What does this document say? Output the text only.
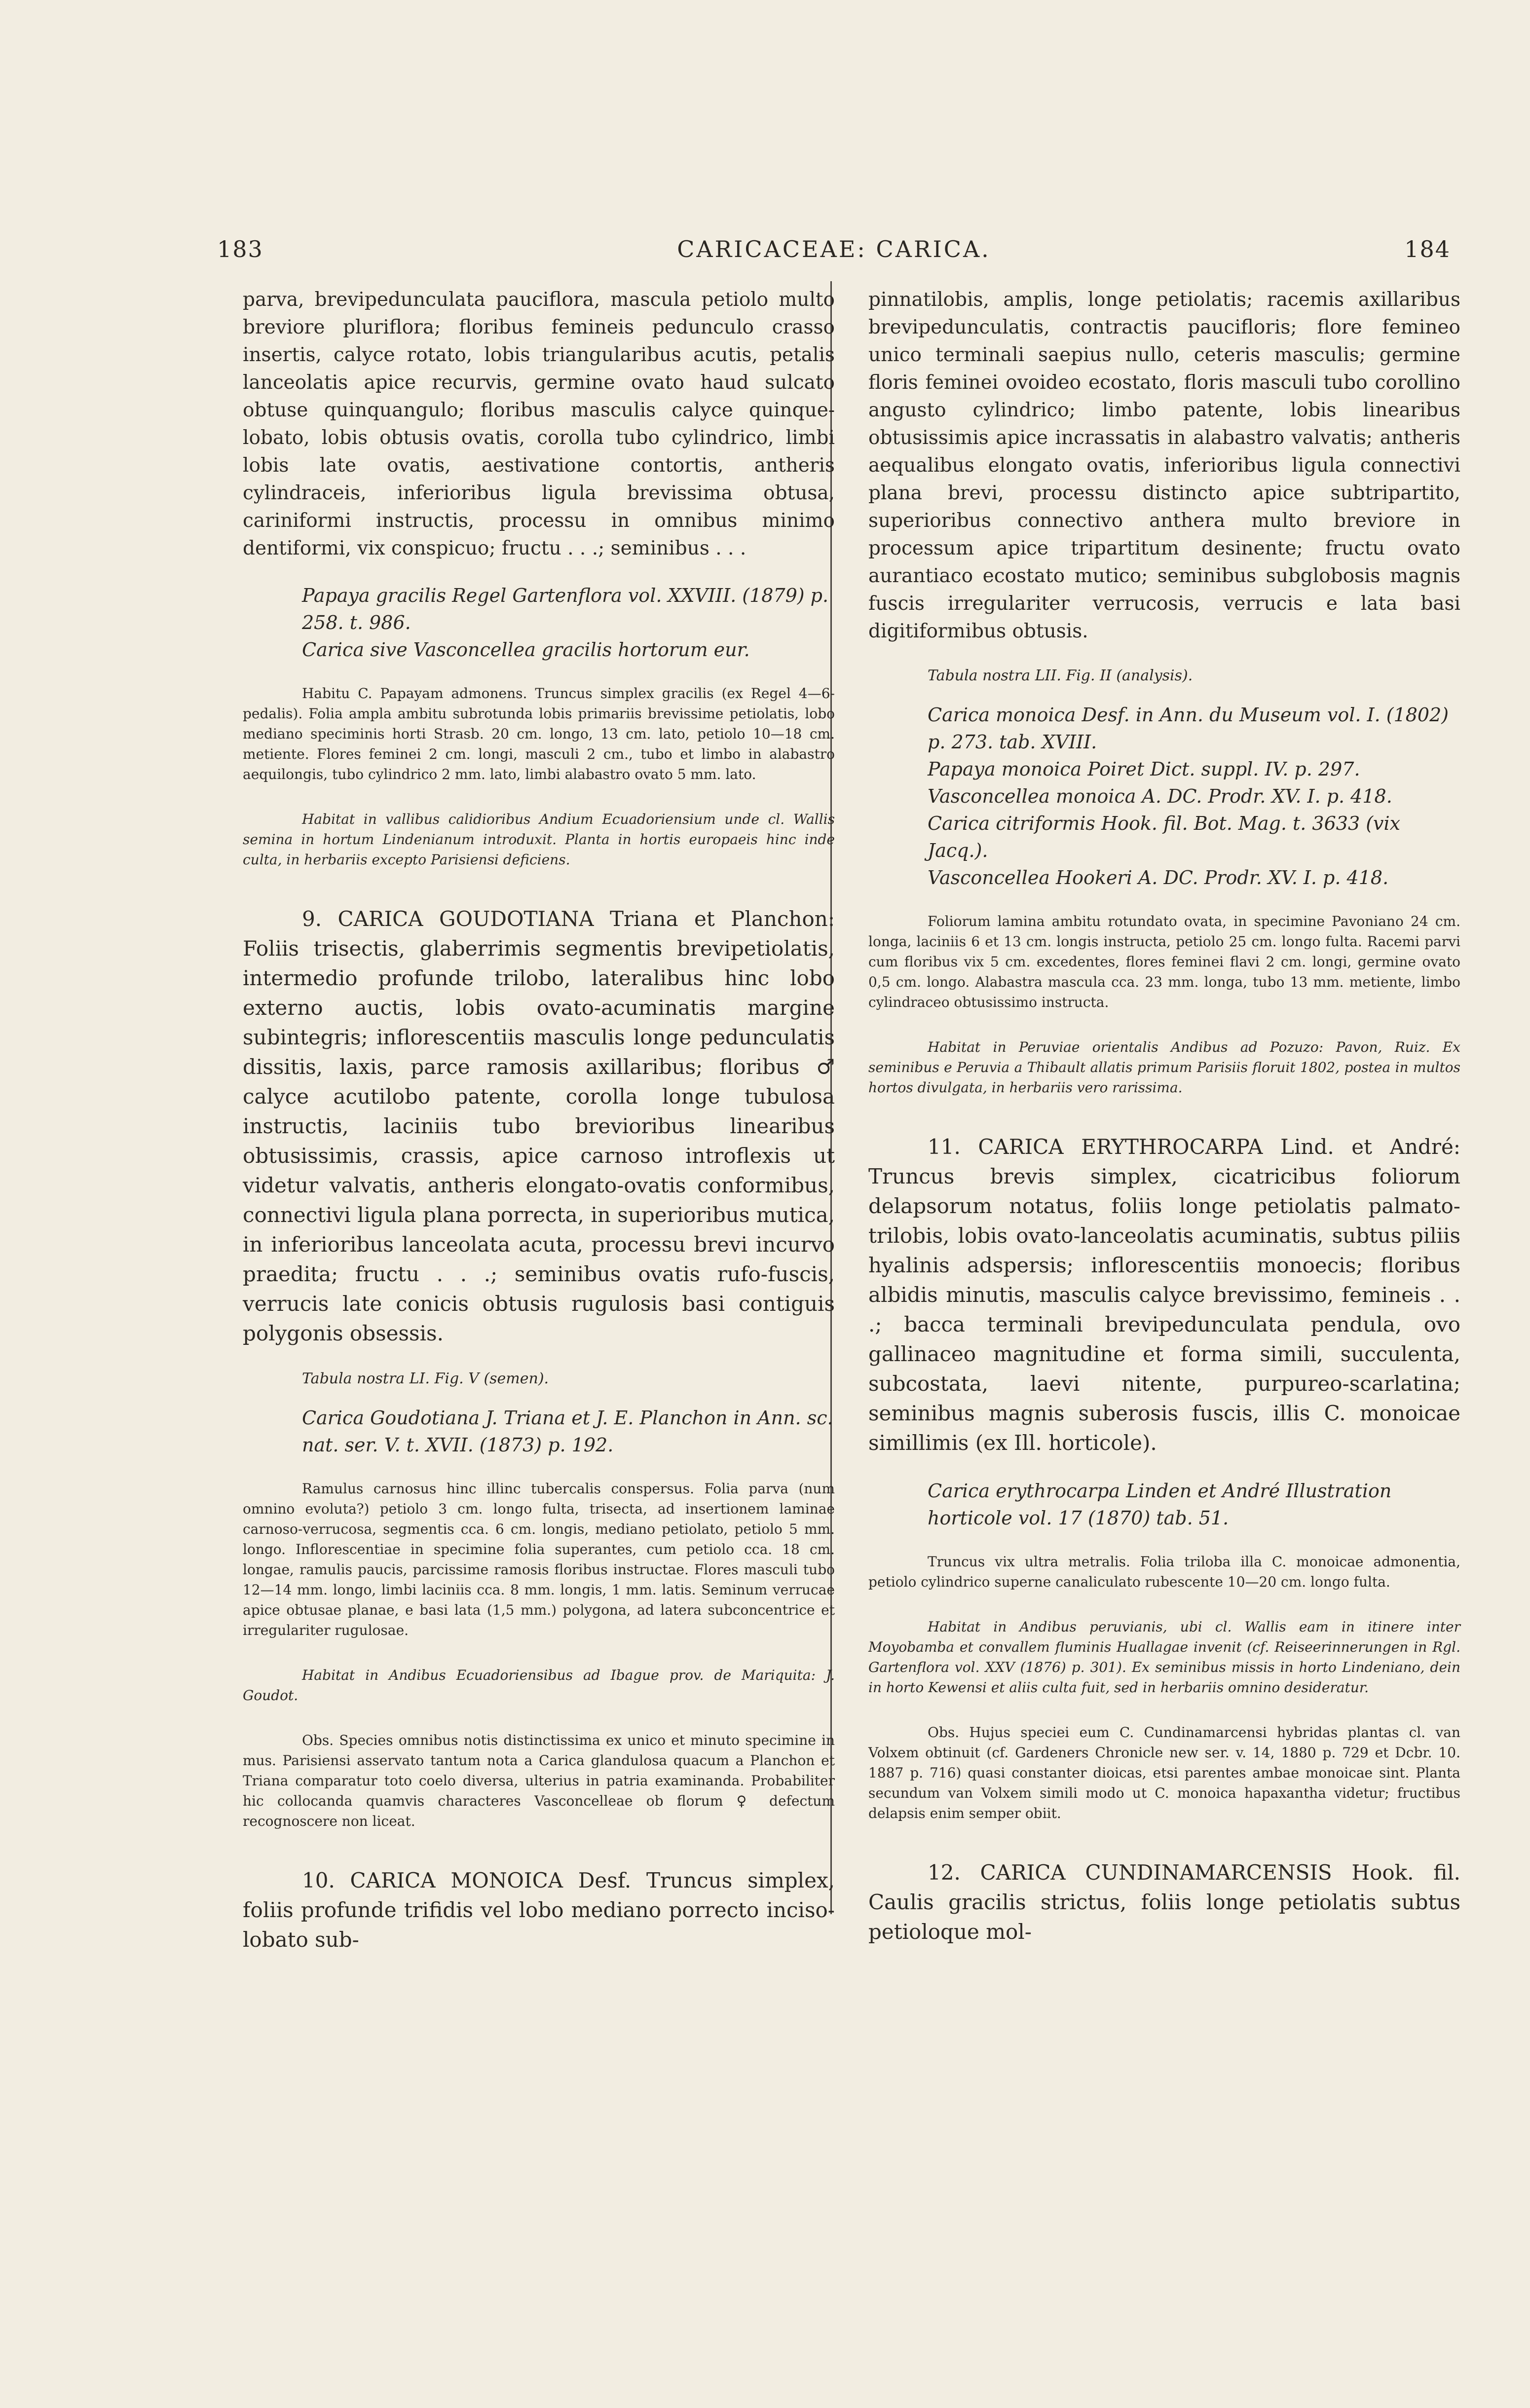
183	CARICACEAE: CARICA.	184

parva, brevipedunculata pauciflora, mascula petiolo multo breviore pluriflora; floribus femineis pedunculo crasso insertis, calyce rotato, lobis triangularibus acutis, petalis lanceolatis apice recurvis, germine ovato haud sulcato obtuse quinquangulo; floribus masculis calyce quinque-lobato, lobis obtusis ovatis, corolla tubo cylindrico, limbi lobis late ovatis, aestivatione contortis, antheris cylindraceis, inferioribus ligula brevissima obtusa, cariniformi instructis, processu in omnibus minimo dentiformi, vix conspicuo; fructu . . .; seminibus . . .

Papaya gracilis Regel Gartenflora vol. XXVIII. (1879) p. 258. t. 986.

Carica sive Vasconcellea gracilis hortorum eur.

Habitu C. Papayam admonens. Truncus simplex gracilis (ex Regel 4—6-pedalis). Folia ampla ambitu subrotunda lobis primariis brevissime petiolatis, lobo mediano speciminis horti Strasb. 20 cm. longo, 13 cm. lato, petiolo 10—18 cm. metiente. Flores feminei 2 cm. longi, masculi 2 cm., tubo et limbo in alabastro aequilongis, tubo cylindrico 2 mm. lato, limbi alabastro ovato 5 mm. lato.

Habitat in vallibus calidioribus Andium Ecuadoriensium unde cl. Wallis semina in hortum Lindenianum introduxit. Planta in hortis europaeis hinc inde culta, in herbariis excepto Parisiensi deficiens.

9. CARICA GOUDOTIANA Triana et Planchon: Foliis trisectis, glaberrimis segmentis brevipetiolatis, intermedio profunde trilobo, lateralibus hinc lobo externo auctis, lobis ovato-acuminatis margine subintegris; inflorescentiis masculis longe pedunculatis dissitis, laxis, parce ramosis axillaribus; floribus ♂ calyce acutilobo patente, corolla longe tubulosa instructis, laciniis tubo brevioribus linearibus obtusissimis, crassis, apice carnoso introflexis ut videtur valvatis, antheris elongato-ovatis conformibus, connectivi ligula plana porrecta, in superioribus mutica, in inferioribus lanceolata acuta, processu brevi incurvo praedita; fructu . . .; seminibus ovatis rufo-fuscis, verrucis late conicis obtusis rugulosis basi contiguis polygonis obsessis.

Tabula nostra LI. Fig. V (semen).

Carica Goudotiana J. Triana et J. E. Planchon in Ann. sc. nat. ser. V. t. XVII. (1873) p. 192.

Ramulus carnosus hinc illinc tubercalis conspersus. Folia parva (num omnino evoluta?) petiolo 3 cm. longo fulta, trisecta, ad insertionem laminae carnoso-verrucosa, segmentis cca. 6 cm. longis, mediano petiolato, petiolo 5 mm. longo. Inflorescentiae in specimine folia superantes, cum petiolo cca. 18 cm. longae, ramulis paucis, parcissime ramosis floribus instructae. Flores masculi tubo 12—14 mm. longo, limbi laciniis cca. 8 mm. longis, 1 mm. latis. Seminum verrucae apice obtusae planae, e basi lata (1,5 mm.) polygona, ad latera subconcentrice et irregulariter rugulosae.

Habitat in Andibus Ecuadoriensibus ad Ibague prov. de Mariquita: J. Goudot.

Obs. Species omnibus notis distinctissima ex unico et minuto specimine in mus. Parisiensi asservato tantum nota a Carica glandulosa quacum a Planchon et Triana comparatur toto coelo diversa, ulterius in patria examinanda. Probabiliter hic collocanda quamvis characteres Vasconcelleae ob florum ♀ defectum recognoscere non liceat.

10. CARICA MONOICA Desf. Truncus simplex, foliis profunde trifidis vel lobo mediano porrecto inciso-lobato sub-

pinnatilobis, amplis, longe petiolatis; racemis axillaribus brevipedunculatis, contractis paucifloris; flore femineo unico terminali saepius nullo, ceteris masculis; germine floris feminei ovoideo ecostato, floris masculi tubo corollino angusto cylindrico; limbo patente, lobis linearibus obtusissimis apice incrassatis in alabastro valvatis; antheris aequalibus elongato ovatis, inferioribus ligula connectivi plana brevi, processu distincto apice subtripartito, superioribus connectivo anthera multo breviore in processum apice tripartitum desinente; fructu ovato aurantiaco ecostato mutico; seminibus subglobosis magnis fuscis irregulariter verrucosis, verrucis e lata basi digitiformibus obtusis.

Tabula nostra LII. Fig. II (analysis).

Carica monoica Desf. in Ann. du Museum vol. I. (1802) p. 273. tab. XVIII.

Papaya monoica Poiret Dict. suppl. IV. p. 297.

Vasconcellea monoica A. DC. Prodr. XV. I. p. 418.

Carica citriformis Hook. fil. Bot. Mag. t. 3633 (vix Jacq.).

Vasconcellea Hookeri A. DC. Prodr. XV. I. p. 418.

Foliorum lamina ambitu rotundato ovata, in specimine Pavoniano 24 cm. longa, laciniis 6 et 13 cm. longis instructa, petiolo 25 cm. longo fulta. Racemi parvi cum floribus vix 5 cm. excedentes, flores feminei flavi 2 cm. longi, germine ovato 0,5 cm. longo. Alabastra mascula cca. 23 mm. longa, tubo 13 mm. metiente, limbo cylindraceo obtusissimo instructa.

Habitat in Peruviae orientalis Andibus ad Pozuzo: Pavon, Ruiz. Ex seminibus e Peruvia a Thibault allatis primum Parisiis floruit 1802, postea in multos hortos divulgata, in herbariis vero rarissima.

11. CARICA ERYTHROCARPA Lind. et André: Truncus brevis simplex, cicatricibus foliorum delapsorum notatus, foliis longe petiolatis palmato-trilobis, lobis ovato-lanceolatis acuminatis, subtus piliis hyalinis adspersis; inflorescentiis monoecis; floribus albidis minutis, masculis calyce brevissimo, femineis . . .; bacca terminali brevipedunculata pendula, ovo gallinaceo magnitudine et forma simili, succulenta, subcostata, laevi nitente, purpureo-scarlatina; seminibus magnis suberosis fuscis, illis C. monoicae simillimis (ex Ill. horticole).

Carica erythrocarpa Linden et André Illustration horticole vol. 17 (1870) tab. 51.

Truncus vix ultra metralis. Folia triloba illa C. monoicae admonentia, petiolo cylindrico superne canaliculato rubescente 10—20 cm. longo fulta.

Habitat in Andibus peruvianis, ubi cl. Wallis eam in itinere inter Moyobamba et convallem fluminis Huallagae invenit (cf. Reiseerinnerungen in Rgl. Gartenflora vol. XXV (1876) p. 301). Ex seminibus missis in horto Lindeniano, dein in horto Kewensi et aliis culta fuit, sed in herbariis omnino desideratur.

Obs. Hujus speciei eum C. Cundinamarcensi hybridas plantas cl. van Volxem obtinuit (cf. Gardeners Chronicle new ser. v. 14, 1880 p. 729 et Dcbr. 10. 1887 p. 716) quasi constanter dioicas, etsi parentes ambae monoicae sint. Planta secundum van Volxem simili modo ut C. monoica hapaxantha videtur; fructibus delapsis enim semper obiit.

12. CARICA CUNDINAMARCENSIS Hook. fil. Caulis gracilis strictus, foliis longe petiolatis subtus petioloque mol-
